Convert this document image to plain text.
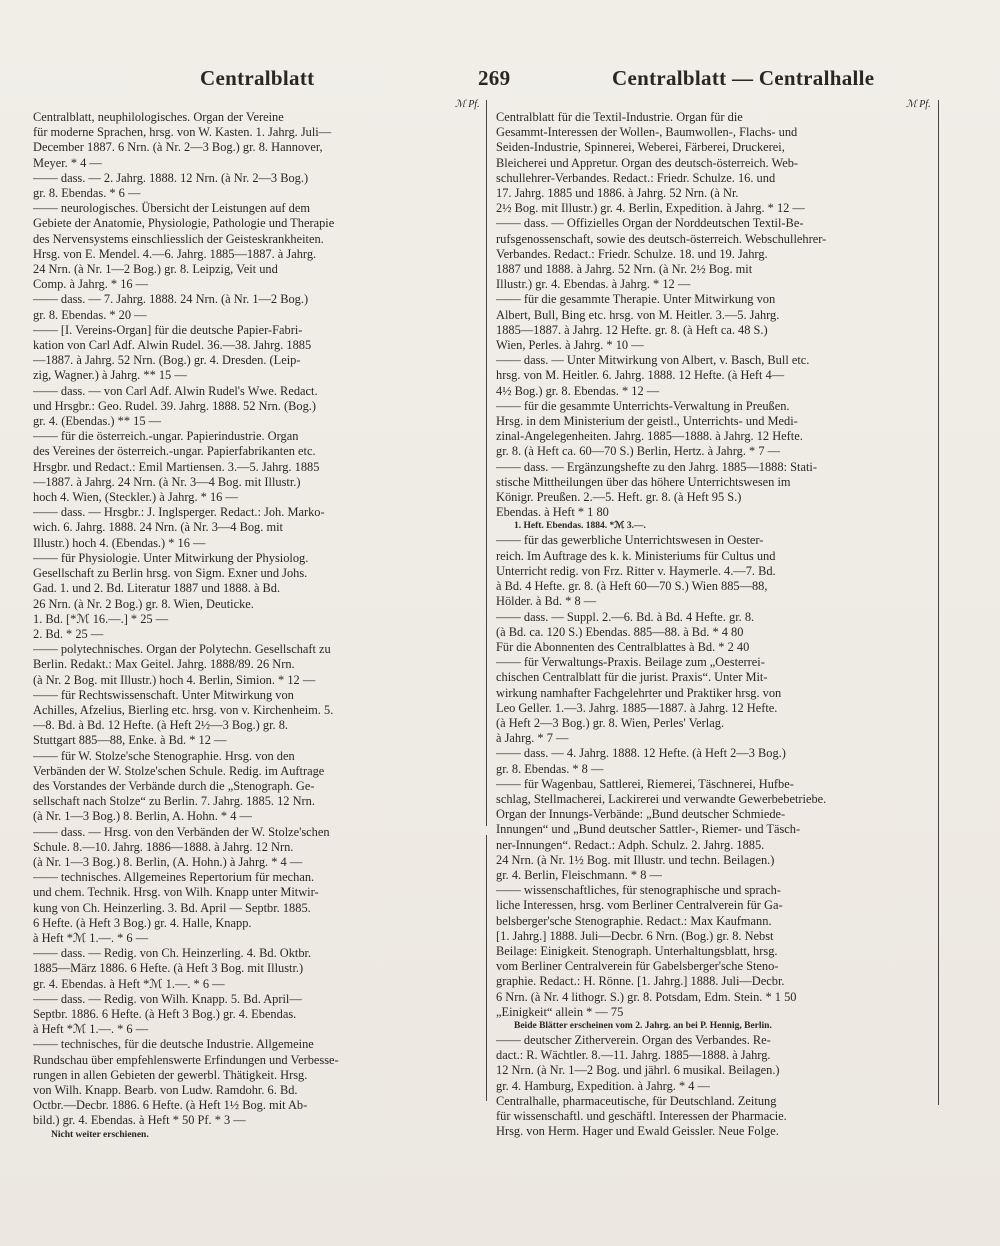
Centralblatt	269	Centralblatt — Centralhalle
ℳ Pf.	ℳ Pf.
Centralblatt, neuphilologisches. Organ der Vereine
für moderne Sprachen, hrsg. von W. Kasten. 1. Jahrg. Juli—
December 1887. 6 Nrn. (à Nr. 2—3 Bog.) gr. 8. Hannover,
Meyer. * 4 —
—— dass. — 2. Jahrg. 1888. 12 Nrn. (à Nr. 2—3 Bog.)
gr. 8. Ebendas. * 6 —
—— neurologisches. Übersicht der Leistungen auf dem
Gebiete der Anatomie, Physiologie, Pathologie und Therapie
des Nervensystems einschliesslich der Geisteskrankheiten.
Hrsg. von E. Mendel. 4.—6. Jahrg. 1885—1887. à Jahrg.
24 Nrn. (à Nr. 1—2 Bog.) gr. 8. Leipzig, Veit und
Comp. à Jahrg. * 16 —
—— dass. — 7. Jahrg. 1888. 24 Nrn. (à Nr. 1—2 Bog.)
gr. 8. Ebendas. * 20 —
—— [I. Vereins-Organ] für die deutsche Papier-Fabri-
kation von Carl Adf. Alwin Rudel. 36.—38. Jahrg. 1885
—1887. à Jahrg. 52 Nrn. (Bog.) gr. 4. Dresden. (Leip-
zig, Wagner.) à Jahrg. ** 15 —
—— dass. — von Carl Adf. Alwin Rudel's Wwe. Redact.
und Hrsgbr.: Geo. Rudel. 39. Jahrg. 1888. 52 Nrn. (Bog.)
gr. 4. (Ebendas.) ** 15 —
—— für die österreich.-ungar. Papierindustrie. Organ
des Vereines der österreich.-ungar. Papierfabrikanten etc.
Hrsgbr. und Redact.: Emil Martiensen. 3.—5. Jahrg. 1885
—1887. à Jahrg. 24 Nrn. (à Nr. 3—4 Bog. mit Illustr.)
hoch 4. Wien, (Steckler.) à Jahrg. * 16 —
—— dass. — Hrsgbr.: J. Inglsperger. Redact.: Joh. Marko-
wich. 6. Jahrg. 1888. 24 Nrn. (à Nr. 3—4 Bog. mit
Illustr.) hoch 4. (Ebendas.) * 16 —
—— für Physiologie. Unter Mitwirkung der Physiolog.
Gesellschaft zu Berlin hrsg. von Sigm. Exner und Johs.
Gad. 1. und 2. Bd. Literatur 1887 und 1888. à Bd.
26 Nrn. (à Nr. 2 Bog.) gr. 8. Wien, Deuticke.
1. Bd. [*ℳ 16.—.] * 25 —
2. Bd. * 25 —
—— polytechnisches. Organ der Polytechn. Gesellschaft zu
Berlin. Redakt.: Max Geitel. Jahrg. 1888/89. 26 Nrn.
(à Nr. 2 Bog. mit Illustr.) hoch 4. Berlin, Simion. * 12 —
—— für Rechtswissenschaft. Unter Mitwirkung von
Achilles, Afzelius, Bierling etc. hrsg. von v. Kirchenheim. 5.
—8. Bd. à Bd. 12 Hefte. (à Heft 2½—3 Bog.) gr. 8.
Stuttgart 885—88, Enke. à Bd. * 12 —
—— für W. Stolze'sche Stenographie. Hrsg. von den
Verbänden der W. Stolze'schen Schule. Redig. im Auftrage
des Vorstandes der Verbände durch die „Stenograph. Ge-
sellschaft nach Stolze“ zu Berlin. 7. Jahrg. 1885. 12 Nrn.
(à Nr. 1—3 Bog.) 8. Berlin, A. Hohn. * 4 —
—— dass. — Hrsg. von den Verbänden der W. Stolze'schen
Schule. 8.—10. Jahrg. 1886—1888. à Jahrg. 12 Nrn.
(à Nr. 1—3 Bog.) 8. Berlin, (A. Hohn.) à Jahrg. * 4 —
—— technisches. Allgemeines Repertorium für mechan.
und chem. Technik. Hrsg. von Wilh. Knapp unter Mitwir-
kung von Ch. Heinzerling. 3. Bd. April — Septbr. 1885.
6 Hefte. (à Heft 3 Bog.) gr. 4. Halle, Knapp.
à Heft *ℳ 1.—. * 6 —
—— dass. — Redig. von Ch. Heinzerling. 4. Bd. Oktbr.
1885—März 1886. 6 Hefte. (à Heft 3 Bog. mit Illustr.)
gr. 4. Ebendas. à Heft *ℳ 1.—. * 6 —
—— dass. — Redig. von Wilh. Knapp. 5. Bd. April—
Septbr. 1886. 6 Hefte. (à Heft 3 Bog.) gr. 4. Ebendas.
à Heft *ℳ 1.—. * 6 —
—— technisches, für die deutsche Industrie. Allgemeine
Rundschau über empfehlenswerte Erfindungen und Verbesse-
rungen in allen Gebieten der gewerbl. Thätigkeit. Hrsg.
von Wilh. Knapp. Bearb. von Ludw. Ramdohr. 6. Bd.
Octbr.—Decbr. 1886. 6 Hefte. (à Heft 1½ Bog. mit Ab-
bild.) gr. 4. Ebendas. à Heft * 50 Pf. * 3 —
Nicht weiter erschienen.
Centralblatt für die Textil-Industrie. Organ für die
Gesammt-Interessen der Wollen-, Baumwollen-, Flachs- und
Seiden-Industrie, Spinnerei, Weberei, Färberei, Druckerei,
Bleicherei und Appretur. Organ des deutsch-österreich. Web-
schullehrer-Verbandes. Redact.: Friedr. Schulze. 16. und
17. Jahrg. 1885 und 1886. à Jahrg. 52 Nrn. (à Nr.
2½ Bog. mit Illustr.) gr. 4. Berlin, Expedition. à Jahrg. * 12 —
—— dass. — Offizielles Organ der Norddeutschen Textil-Be-
rufsgenossenschaft, sowie des deutsch-österreich. Webschullehrer-
Verbandes. Redact.: Friedr. Schulze. 18. und 19. Jahrg.
1887 und 1888. à Jahrg. 52 Nrn. (à Nr. 2½ Bog. mit
Illustr.) gr. 4. Ebendas. à Jahrg. * 12 —
—— für die gesammte Therapie. Unter Mitwirkung von
Albert, Bull, Bing etc. hrsg. von M. Heitler. 3.—5. Jahrg.
1885—1887. à Jahrg. 12 Hefte. gr. 8. (à Heft ca. 48 S.)
Wien, Perles. à Jahrg. * 10 —
—— dass. — Unter Mitwirkung von Albert, v. Basch, Bull etc.
hrsg. von M. Heitler. 6. Jahrg. 1888. 12 Hefte. (à Heft 4—
4½ Bog.) gr. 8. Ebendas. * 12 —
—— für die gesammte Unterrichts-Verwaltung in Preußen.
Hrsg. in dem Ministerium der geistl., Unterrichts- und Medi-
zinal-Angelegenheiten. Jahrg. 1885—1888. à Jahrg. 12 Hefte.
gr. 8. (à Heft ca. 60—70 S.) Berlin, Hertz. à Jahrg. * 7 —
—— dass. — Ergänzungshefte zu den Jahrg. 1885—1888: Stati-
stische Mittheilungen über das höhere Unterrichtswesen im
Königr. Preußen. 2.—5. Heft. gr. 8. (à Heft 95 S.)
Ebendas. à Heft * 1 80
1. Heft. Ebendas. 1884. *ℳ 3.—.
—— für das gewerbliche Unterrichtswesen in Oester-
reich. Im Auftrage des k. k. Ministeriums für Cultus und
Unterricht redig. von Frz. Ritter v. Haymerle. 4.—7. Bd.
à Bd. 4 Hefte. gr. 8. (à Heft 60—70 S.) Wien 885—88,
Hölder. à Bd. * 8 —
—— dass. — Suppl. 2.—6. Bd. à Bd. 4 Hefte. gr. 8.
(à Bd. ca. 120 S.) Ebendas. 885—88. à Bd. * 4 80
Für die Abonnenten des Centralblattes à Bd. * 2 40
—— für Verwaltungs-Praxis. Beilage zum „Oesterrei-
chischen Centralblatt für die jurist. Praxis“. Unter Mit-
wirkung namhafter Fachgelehrter und Praktiker hrsg. von
Leo Geller. 1.—3. Jahrg. 1885—1887. à Jahrg. 12 Hefte.
(à Heft 2—3 Bog.) gr. 8. Wien, Perles' Verlag.
à Jahrg. * 7 —
—— dass. — 4. Jahrg. 1888. 12 Hefte. (à Heft 2—3 Bog.)
gr. 8. Ebendas. * 8 —
—— für Wagenbau, Sattlerei, Riemerei, Täschnerei, Hufbe-
schlag, Stellmacherei, Lackirerei und verwandte Gewerbebetriebe.
Organ der Innungs-Verbände: „Bund deutscher Schmiede-
Innungen“ und „Bund deutscher Sattler-, Riemer- und Täsch-
ner-Innungen“. Redact.: Adph. Schulz. 2. Jahrg. 1885.
24 Nrn. (à Nr. 1½ Bog. mit Illustr. und techn. Beilagen.)
gr. 4. Berlin, Fleischmann. * 8 —
—— wissenschaftliches, für stenographische und sprach-
liche Interessen, hrsg. vom Berliner Centralverein für Ga-
belsberger'sche Stenographie. Redact.: Max Kaufmann.
[1. Jahrg.] 1888. Juli—Decbr. 6 Nrn. (Bog.) gr. 8. Nebst
Beilage: Einigkeit. Stenograph. Unterhaltungsblatt, hrsg.
vom Berliner Centralverein für Gabelsberger'sche Steno-
graphie. Redact.: H. Rönne. [1. Jahrg.] 1888. Juli—Decbr.
6 Nrn. (à Nr. 4 lithogr. S.) gr. 8. Potsdam, Edm. Stein. * 1 50
„Einigkeit“ allein * — 75
Beide Blätter erscheinen vom 2. Jahrg. an bei P. Hennig, Berlin.
—— deutscher Zitherverein. Organ des Verbandes. Re-
dact.: R. Wächtler. 8.—11. Jahrg. 1885—1888. à Jahrg.
12 Nrn. (à Nr. 1—2 Bog. und jährl. 6 musikal. Beilagen.)
gr. 4. Hamburg, Expedition. à Jahrg. * 4 —
Centralhalle, pharmaceutische, für Deutschland. Zeitung
für wissenschaftl. und geschäftl. Interessen der Pharmacie.
Hrsg. von Herm. Hager und Ewald Geissler. Neue Folge.
